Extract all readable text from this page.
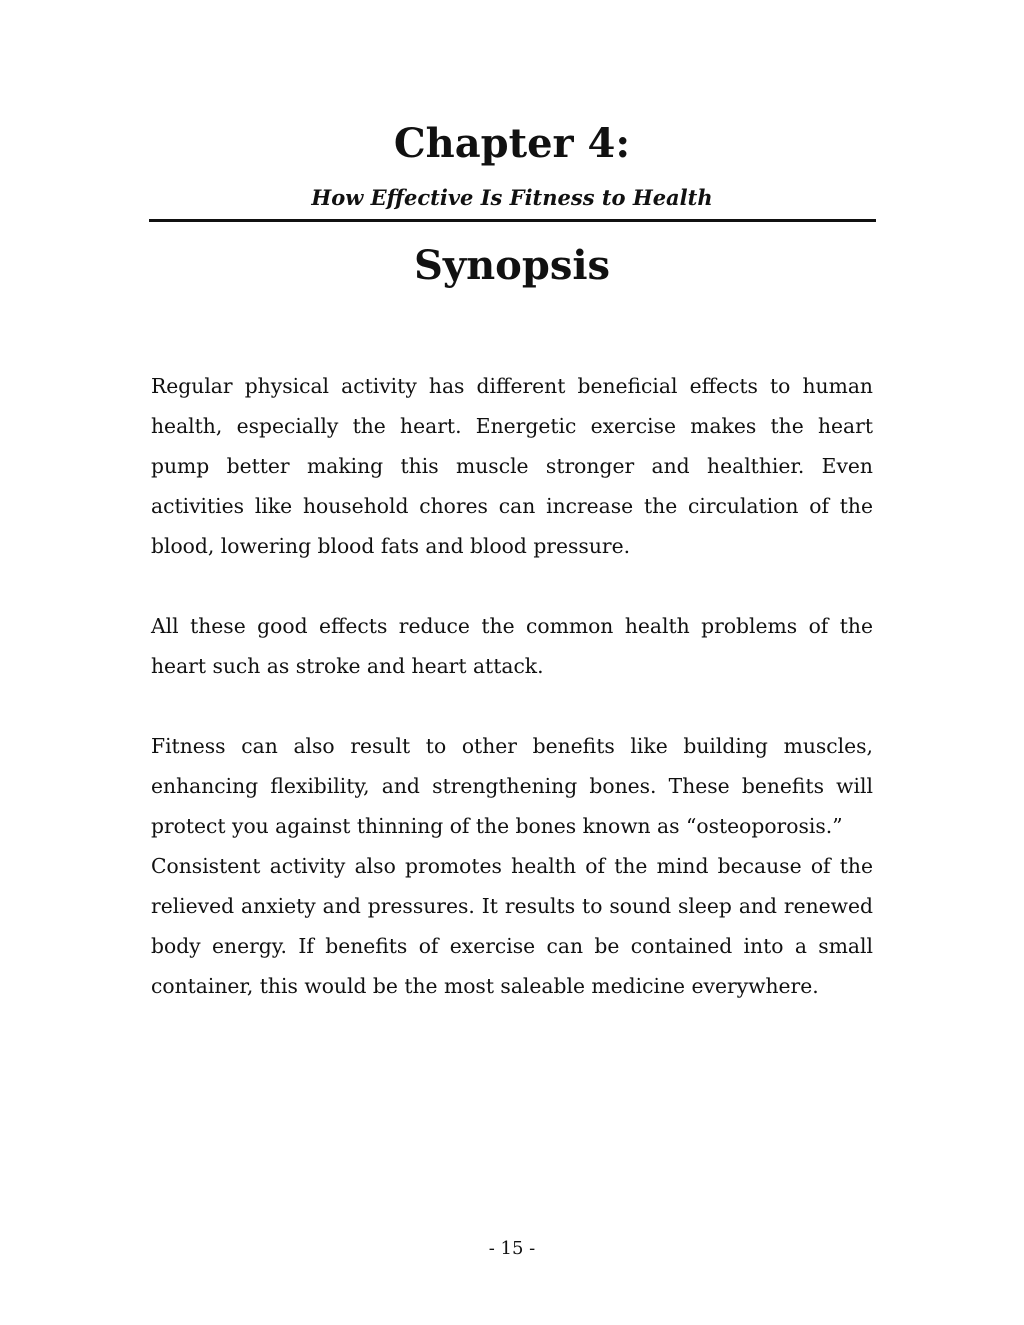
Chapter 4:
How Effective Is Fitness to Health
Synopsis

Regular physical activity has different beneficial effects to human health, especially the heart. Energetic exercise makes the heart pump better making this muscle stronger and healthier. Even activities like household chores can increase the circulation of the blood, lowering blood fats and blood pressure.

All these good effects reduce the common health problems of the heart such as stroke and heart attack.

Fitness can also result to other benefits like building muscles, enhancing flexibility, and strengthening bones. These benefits will protect you against thinning of the bones known as “osteoporosis.”

Consistent activity also promotes health of the mind because of the relieved anxiety and pressures. It results to sound sleep and renewed body energy. If benefits of exercise can be contained into a small container, this would be the most saleable medicine everywhere.

- 15 -
